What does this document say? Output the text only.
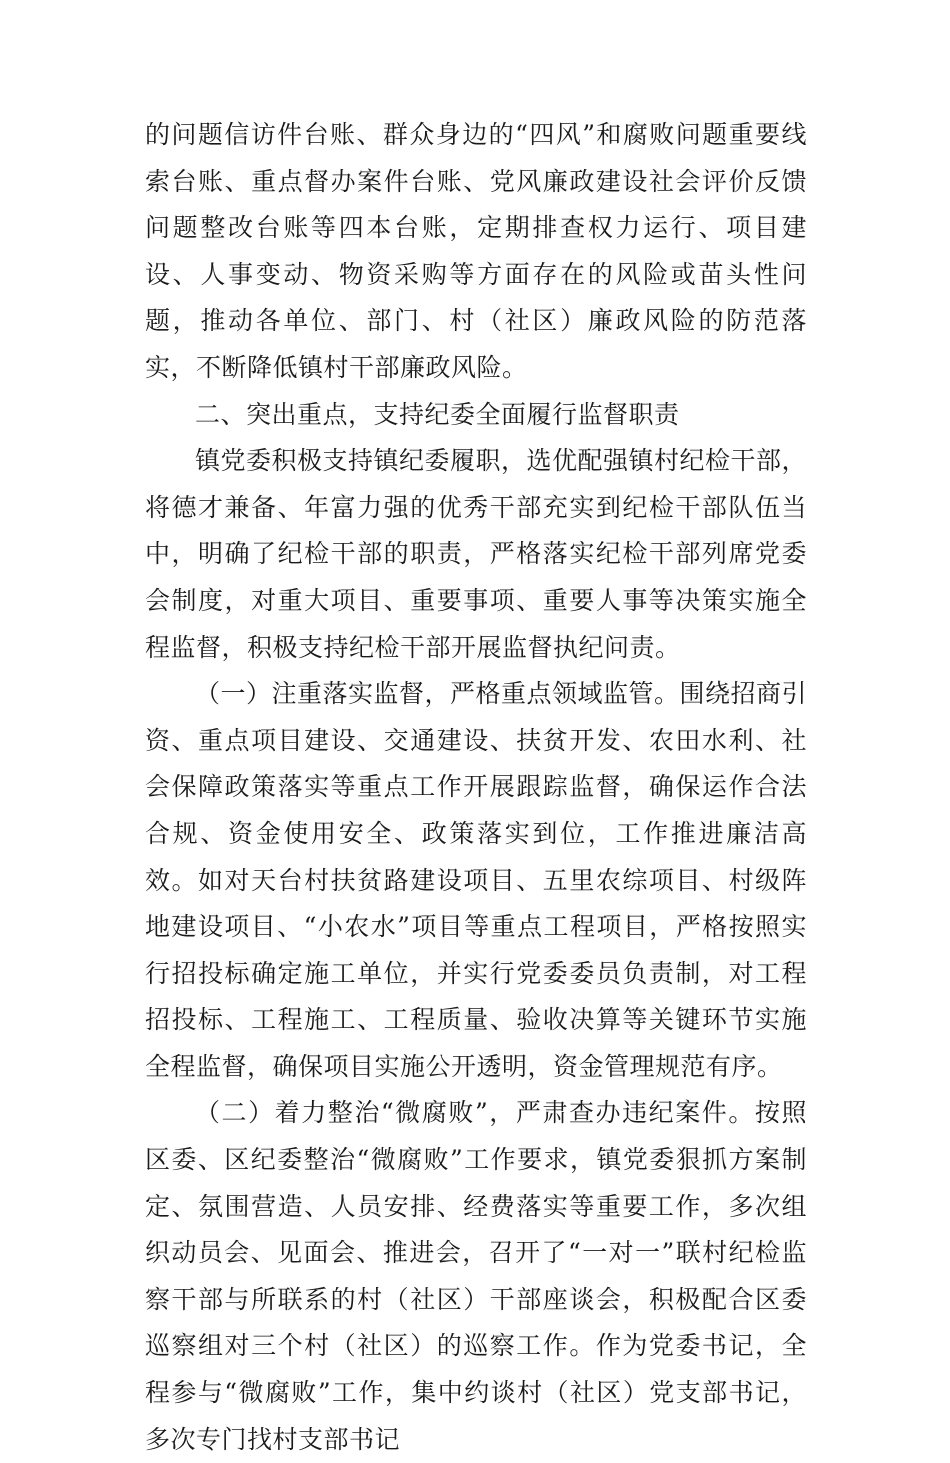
的问题信访件台账、群众身边的“四风”和腐败问题重要线索台账、重点督办案件台账、党风廉政建设社会评价反馈问题整改台账等四本台账，定期排查权力运行、项目建设、人事变动、物资采购等方面存在的风险或苗头性问题，推动各单位、部门、村（社区）廉政风险的防范落实，不断降低镇村干部廉政风险。

二、突出重点，支持纪委全面履行监督职责

镇党委积极支持镇纪委履职，选优配强镇村纪检干部，将德才兼备、年富力强的优秀干部充实到纪检干部队伍当中，明确了纪检干部的职责，严格落实纪检干部列席党委会制度，对重大项目、重要事项、重要人事等决策实施全程监督，积极支持纪检干部开展监督执纪问责。

（一）注重落实监督，严格重点领域监管。围绕招商引资、重点项目建设、交通建设、扶贫开发、农田水利、社会保障政策落实等重点工作开展跟踪监督，确保运作合法合规、资金使用安全、政策落实到位，工作推进廉洁高效。如对天台村扶贫路建设项目、五里农综项目、村级阵地建设项目、“小农水”项目等重点工程项目，严格按照实行招投标确定施工单位，并实行党委委员负责制，对工程招投标、工程施工、工程质量、验收决算等关键环节实施全程监督，确保项目实施公开透明，资金管理规范有序。

（二）着力整治“微腐败”，严肃查办违纪案件。按照区委、区纪委整治“微腐败”工作要求，镇党委狠抓方案制定、氛围营造、人员安排、经费落实等重要工作，多次组织动员会、见面会、推进会，召开了“一对一”联村纪检监察干部与所联系的村（社区）干部座谈会，积极配合区委巡察组对三个村（社区）的巡察工作。作为党委书记，全程参与“微腐败”工作，集中约谈村（社区）党支部书记，多次专门找村支部书记
